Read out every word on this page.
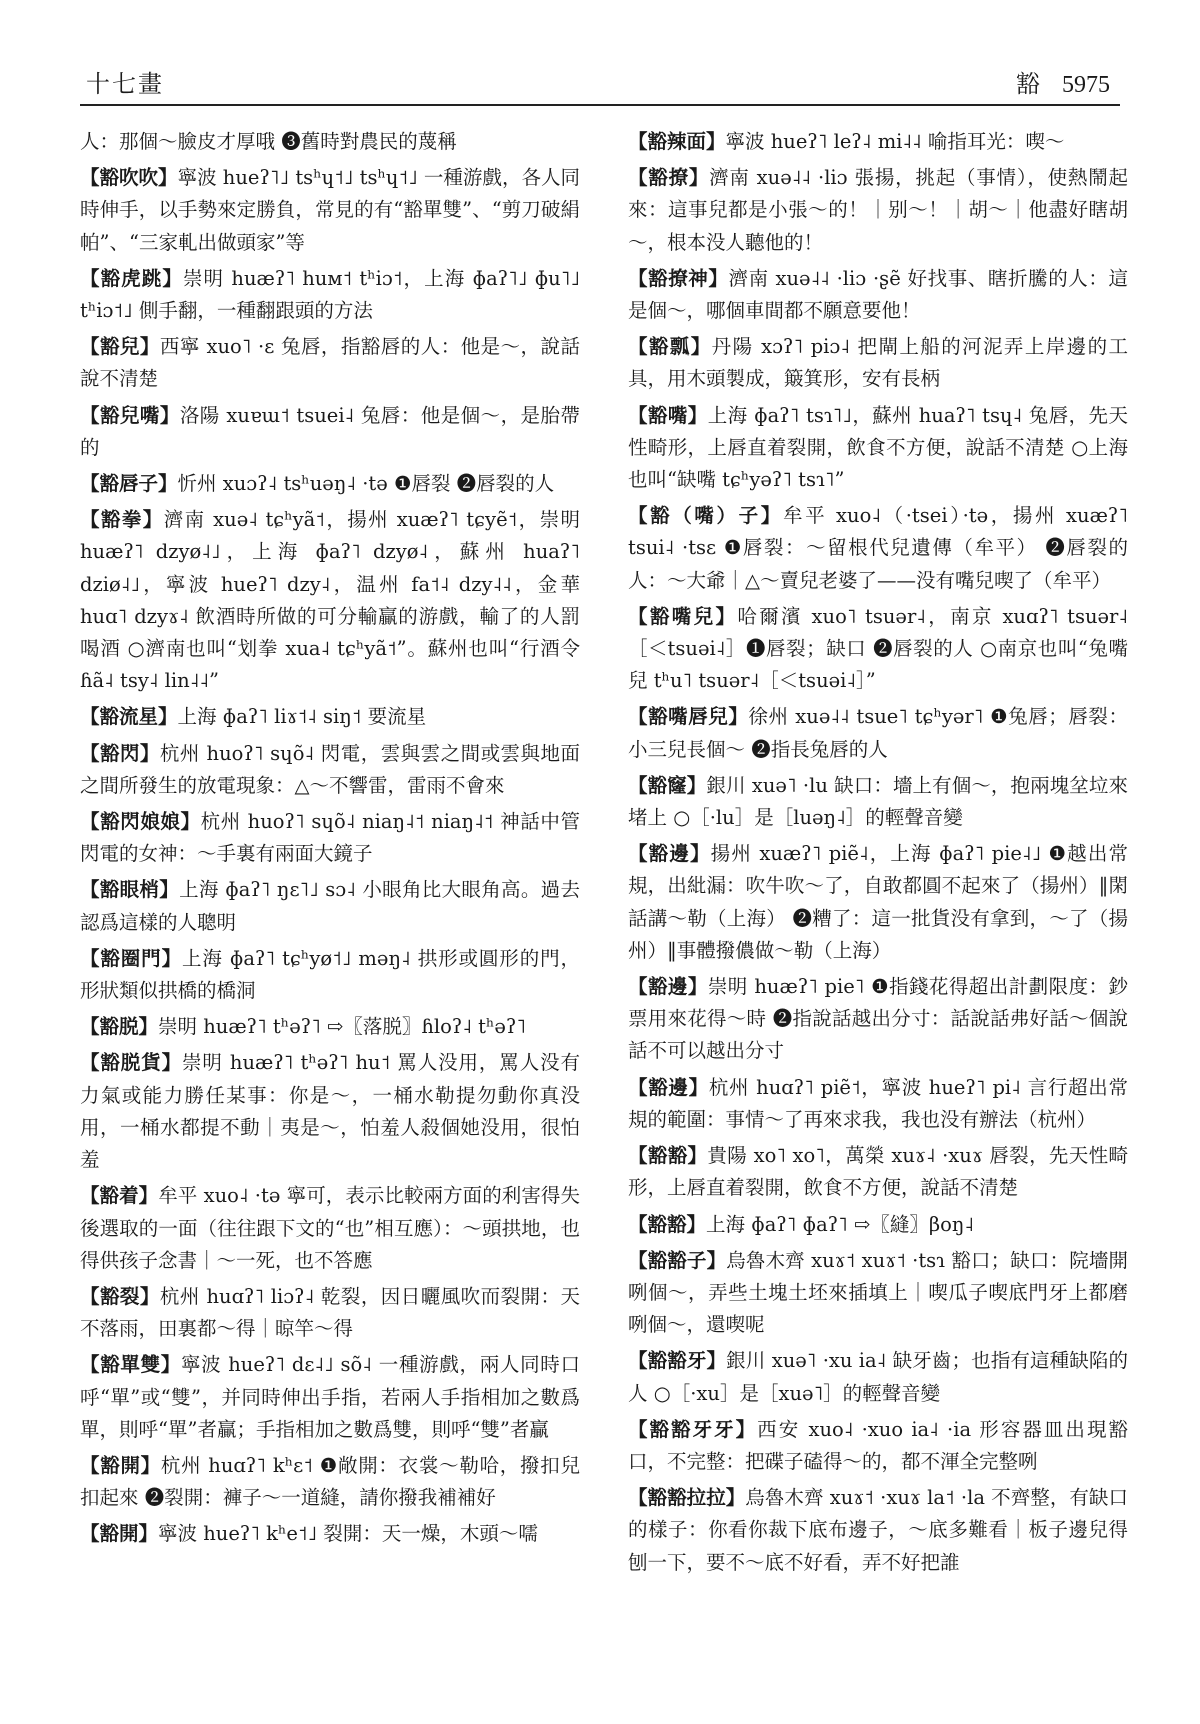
十七畫	豁 5975

人：那個～臉皮才厚哦 ❸舊時對農民的蔑稱

【豁吹吹】寧波 hueʔ˥˩ tsʰɥ˦˩ tsʰɥ˦˩ 一種游戲，各人同時伸手，以手勢來定勝負，常見的有“豁單雙”、“剪刀破絹帕”、“三家軋出做頭家”等

【豁虎跳】崇明 huæʔ˥ huᴍ˦ tʰiɔ˦，上海 ɸaʔ˥˩ ɸu˥˩ tʰiɔ˦˩ 側手翻，一種翻跟頭的方法

【豁兒】西寧 xuo˥ ·ɛ 兔唇，指豁唇的人：他是～，說話說不清楚

【豁兒嘴】洛陽 xuɐɯ˦ tsuei˨ 兔唇：他是個～，是胎帶的

【豁唇子】忻州 xuɔʔ˨ tsʰuəŋ˨ ·tə ❶唇裂 ❷唇裂的人

【豁拳】濟南 xuə˨ tɕʰyã˦，揚州 xuæʔ˥ tɕyẽ˦，崇明 huæʔ˥ dzyø˨˩，上海 ɸaʔ˥ dzyø˨，蘇州 huaʔ˥ dziø˨˩，寧波 hueʔ˥ dzy˨，温州 fa˦˨ dzy˨˨，金華 huɑ˥ dzyɤ˨ 飲酒時所做的可分輸贏的游戲，輸了的人罰喝酒 ○濟南也叫“划拳 xua˨ tɕʰyã˦”。蘇州也叫“行酒令 ɦã˨ tsy˨ lin˨˨”

【豁流星】上海 ɸaʔ˥ liɤ˦˨ siŋ˦ 要流星

【豁閃】杭州 huoʔ˥ sɥõ˨ 閃電，雲與雲之間或雲與地面之間所發生的放電現象：△～不響雷，雷雨不會來

【豁閃娘娘】杭州 huoʔ˥ sɥõ˨ niaŋ˨˦ niaŋ˨˦ 神話中管閃電的女神：～手裏有兩面大鏡子

【豁眼梢】上海 ɸaʔ˥ ŋɛ˥˩ sɔ˨ 小眼角比大眼角高。過去認爲這樣的人聰明

【豁圈門】上海 ɸaʔ˥ tɕʰyø˦˩ məŋ˨ 拱形或圓形的門，形狀類似拱橋的橋洞

【豁脱】崇明 huæʔ˥ tʰəʔ˥ ⇨〖落脱〗ɦloʔ˨ tʰəʔ˥

【豁脱貨】崇明 huæʔ˥ tʰəʔ˥ hu˦ 罵人没用，罵人没有力氣或能力勝任某事：你是～，一桶水勒提勿動你真没用，一桶水都提不動｜夷是～，怕羞人殺個她没用，很怕羞

【豁着】牟平 xuo˨ ·tə 寧可，表示比較兩方面的利害得失後選取的一面（往往跟下文的“也”相互應）：～頭拱地，也得供孩子念書｜～一死，也不答應

【豁裂】杭州 huɑʔ˥ liɔʔ˨ 乾裂，因日曬風吹而裂開：天不落雨，田裏都～得｜晾竿～得

【豁單雙】寧波 hueʔ˥ dɛ˨˩ sõ˨ 一種游戲，兩人同時口呼“單”或“雙”，并同時伸出手指，若兩人手指相加之數爲單，則呼“單”者贏；手指相加之數爲雙，則呼“雙”者贏

【豁開】杭州 huɑʔ˥ kʰɛ˦ ❶敞開：衣裳～勒哈，撥扣兒扣起來 ❷裂開：褲子～一道縫，請你撥我補補好

【豁開】寧波 hueʔ˥ kʰe˦˩ 裂開：天一燥，木頭～嚅

【豁辣面】寧波 hueʔ˥ leʔ˨ mi˨˨ 喻指耳光：喫～

【豁撩】濟南 xuə˨˨ ·liɔ 張揚，挑起（事情），使熱鬧起來：這事兒都是小張～的！｜别～！｜胡～｜他盡好瞎胡～，根本没人聽他的！

【豁撩神】濟南 xuə˨˨ ·liɔ ·ʂẽ 好找事、瞎折騰的人：這是個～，哪個車間都不願意要他！

【豁瓢】丹陽 xɔʔ˥ piɔ˨ 把閘上船的河泥弄上岸邊的工具，用木頭製成，簸箕形，安有長柄

【豁嘴】上海 ɸaʔ˥ tsɿ˥˩，蘇州 huaʔ˥ tsɥ˨ 兔唇，先天性畸形，上唇直着裂開，飲食不方便，說話不清楚 ○上海也叫“缺嘴 tɕʰyəʔ˥ tsɿ˥”

【豁（嘴）子】牟平 xuo˨（·tsei）·tə，揚州 xuæʔ˥ tsui˨ ·tsɛ ❶唇裂：～留根代兒遺傳（牟平） ❷唇裂的人：～大爺｜△～賣兒老婆了——没有嘴兒喫了（牟平）

【豁嘴兒】哈爾濱 xuo˥ tsuər˨，南京 xuɑʔ˥ tsuər˨［＜tsuəi˨］❶唇裂；缺口 ❷唇裂的人 ○南京也叫“兔嘴兒 tʰu˥ tsuər˨［＜tsuəi˨］”

【豁嘴唇兒】徐州 xuə˨˨ tsue˥ tɕʰyər˥ ❶兔唇；唇裂：小三兒長個～ ❷指長兔唇的人

【豁窿】銀川 xuə˥ ·lu 缺口：墻上有個～，抱兩塊坌垃來堵上 ○［·lu］是［luəŋ˨］的輕聲音變

【豁邊】揚州 xuæʔ˥ piẽ˨，上海 ɸaʔ˥ pie˨˩ ❶越出常規，出紕漏：吹牛吹～了，自敢都圓不起來了（揚州）‖閑話講～勒（上海） ❷糟了：這一批貨没有拿到，～了（揚州）‖事體撥儂做～勒（上海）

【豁邊】崇明 huæʔ˥ pie˥ ❶指錢花得超出計劃限度：鈔票用來花得～時 ❷指說話越出分寸：話說話弗好話～個說話不可以越出分寸

【豁邊】杭州 huɑʔ˥ piẽ˦，寧波 hueʔ˥ pi˨ 言行超出常規的範圍：事情～了再來求我，我也没有辦法（杭州）

【豁豁】貴陽 xo˥ xo˥，萬榮 xuɤ˨ ·xuɤ 唇裂，先天性畸形，上唇直着裂開，飲食不方便，說話不清楚

【豁豁】上海 ɸaʔ˥ ɸaʔ˥ ⇨〖縫〗βoŋ˨

【豁豁子】烏魯木齊 xuɤ˦ xuɤ˦ ·tsɿ 豁口；缺口：院墻開咧個～，弄些土塊土坯來插填上｜喫瓜子喫底門牙上都磨咧個～，還喫呢

【豁豁牙】銀川 xuə˥ ·xu ia˨ 缺牙齒；也指有這種缺陷的人 ○［·xu］是［xuə˥］的輕聲音變

【豁豁牙牙】西安 xuo˨ ·xuo ia˨ ·ia 形容器皿出現豁口，不完整：把碟子磕得～的，都不渾全完整咧

【豁豁拉拉】烏魯木齊 xuɤ˦ ·xuɤ la˦ ·la 不齊整，有缺口的樣子：你看你裁下底布邊子，～底多難看｜板子邊兒得刨一下，要不～底不好看，弄不好把誰
